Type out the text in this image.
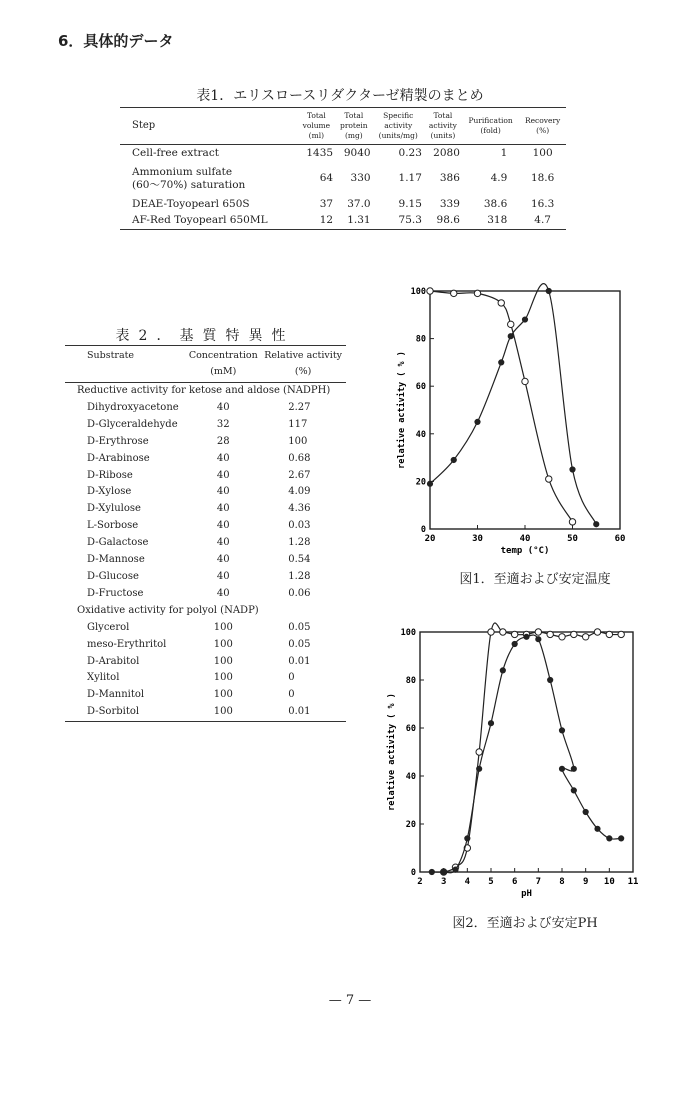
6．具体的データ
表1．エリスロースリダクターゼ精製のまとめ
Step	Total
volume
(ml)	Total
protein
(mg)	Specific
activity
(units/mg)	Total
activity
(units)	Purification
(fold)	Recovery
(%)
Cell-free extract	1435	9040	0.23	2080	1	100
Ammonium sulfate
(60～70%) saturation	64	330	1.17	386	4.9	18.6
DEAE-Toyopearl 650S	37	37.0	9.15	339	38.6	16.3
AF-Red Toyopearl 650ML	12	1.31	75.3	98.6	318	4.7
表2．基質特異性
Substrate	Concentration
(mM)	Relative activity
(%)
Reductive activity for ketose and aldose (NADPH)		
Dihydroxyacetone	40	2.27
D-Glyceraldehyde	32	117
D-Erythrose	28	100
D-Arabinose	40	0.68
D-Ribose	40	2.67
D-Xylose	40	4.09
D-Xylulose	40	4.36
L-Sorbose	40	0.03
D-Galactose	40	1.28
D-Mannose	40	0.54
D-Glucose	40	1.28
D-Fructose	40	0.06
Oxidative activity for polyol (NADP)		
Glycerol	100	0.05
meso-Erythritol	100	0.05
D-Arabitol	100	0.01
Xylitol	100	0
D-Mannitol	100	0
D-Sorbitol	100	0.01
20	30	40	50	60
0
20
40
60
80
100
temp (°C)
relative activity ( % )
図1．至適および安定温度
2 3 4 5 6 7 8 9 10 11
0
20
40
60
80
100
pH
relative activity ( % )
図2．至適および安定PH
— 7 —
